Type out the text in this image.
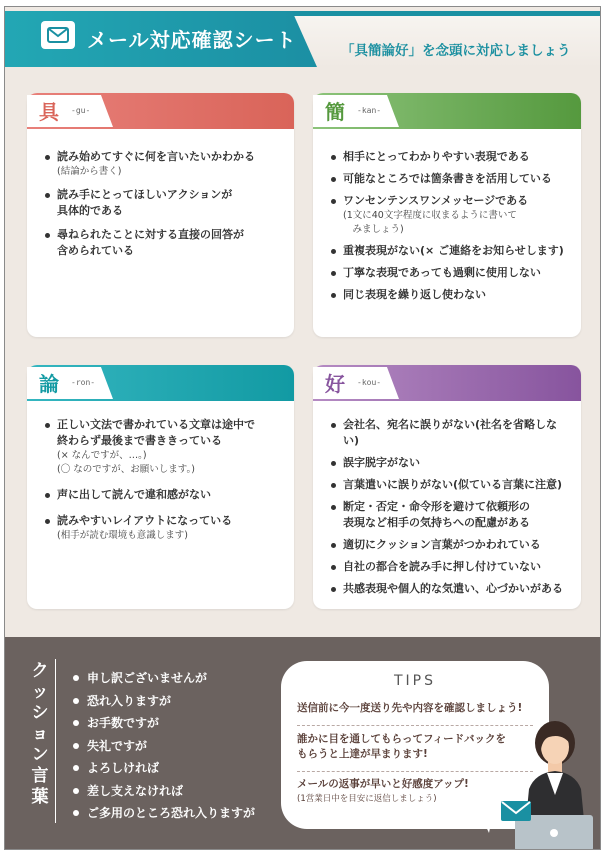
メール対応確認シート	「具簡論好」を念頭に対応しましょう
具 -gu-
読み始めてすぐに何を言いたいかわかる
(結論から書く)
読み手にとってほしいアクションが
具体的である
尋ねられたことに対する直接の回答が
含められている
簡 -kan-
相手にとってわかりやすい表現である
可能なところでは箇条書きを活用している
ワンセンテンスワンメッセージである
(1文に40文字程度に収まるように書いて
　みましょう)
重複表現がない(× ご連絡をお知らせします)
丁寧な表現であっても過剰に使用しない
同じ表現を繰り返し使わない
論 -ron-
正しい文法で書かれている文章は途中で
終わらず最後まで書ききっている
(× なんですが、…。)
(〇 なのですが、お願いします。)
声に出して読んで違和感がない
読みやすいレイアウトになっている
(相手が読む環境も意識します)
好 -kou-
会社名、宛名に誤りがない(社名を省略しない)
誤字脱字がない
言葉遣いに誤りがない(似ている言葉に注意)
断定・否定・命令形を避けて依頼形の
表現など相手の気持ちへの配慮がある
適切にクッション言葉がつかわれている
自社の都合を読み手に押し付けていない
共感表現や個人的な気遣い、心づかいがある
クッション言葉
申し訳ございませんが
恐れ入りますが
お手数ですが
失礼ですが
よろしければ
差し支えなければ
ご多用のところ恐れ入りますが
TIPS
送信前に今一度送り先や内容を確認しましょう!
誰かに目を通してもらってフィードバックを
もらうと上達が早まります!
メールの返事が早いと好感度アップ!
(1営業日中を目安に返信しましょう)
